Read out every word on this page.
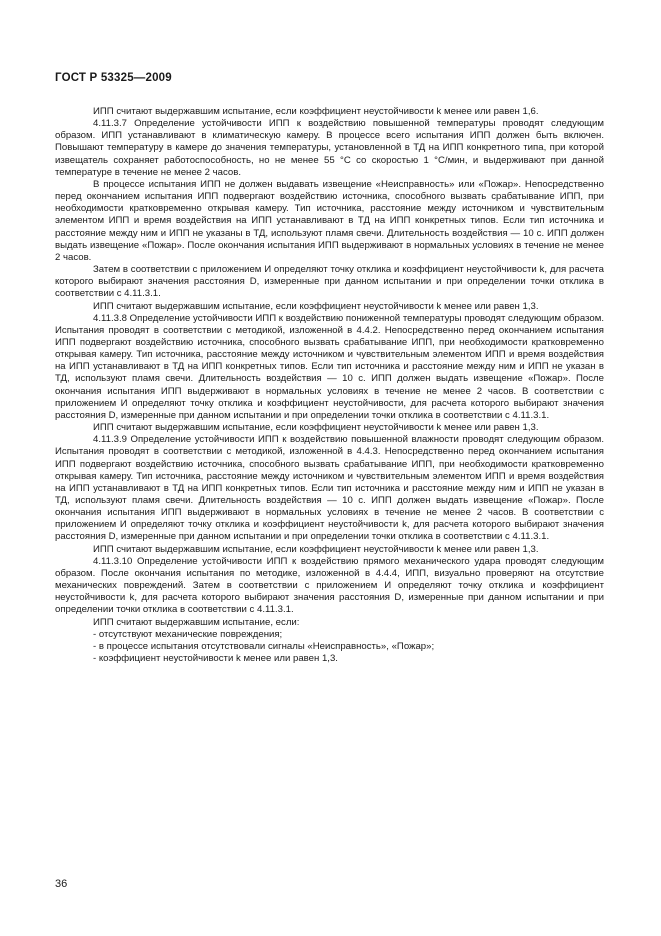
ГОСТ Р 53325—2009

ИПП считают выдержавшим испытание, если коэффициент неустойчивости k менее или равен 1,6.

4.11.3.7 Определение устойчивости ИПП к воздействию повышенной температуры проводят следующим образом. ИПП устанавливают в климатическую камеру. В процессе всего испытания ИПП должен быть включен. Повышают температуру в камере до значения температуры, установленной в ТД на ИПП конкретного типа, при которой извещатель сохраняет работоспособность, но не менее 55 °С со скоростью 1 °С/мин, и выдерживают при данной температуре в течение не менее 2 часов.

В процессе испытания ИПП не должен выдавать извещение «Неисправность» или «Пожар». Непосредственно перед окончанием испытания ИПП подвергают воздействию источника, способного вызвать срабатывание ИПП, при необходимости кратковременно открывая камеру. Тип источника, расстояние между источником и чувствительным элементом ИПП и время воздействия на ИПП устанавливают в ТД на ИПП конкретных типов. Если тип источника и расстояние между ним и ИПП не указаны в ТД, используют пламя свечи. Длительность воздействия — 10 с. ИПП должен выдать извещение «Пожар». После окончания испытания ИПП выдерживают в нормальных условиях в течение не менее 2 часов.

Затем в соответствии с приложением И определяют точку отклика и коэффициент неустойчивости k, для расчета которого выбирают значения расстояния D, измеренные при данном испытании и при определении точки отклика в соответствии с 4.11.3.1.

ИПП считают выдержавшим испытание, если коэффициент неустойчивости k менее или равен 1,3.

4.11.3.8 Определение устойчивости ИПП к воздействию пониженной температуры проводят следующим образом. Испытания проводят в соответствии с методикой, изложенной в 4.4.2. Непосредственно перед окончанием испытания ИПП подвергают воздействию источника, способного вызвать срабатывание ИПП, при необходимости кратковременно открывая камеру. Тип источника, расстояние между источником и чувствительным элементом ИПП и время воздействия на ИПП устанавливают в ТД на ИПП конкретных типов. Если тип источника и расстояние между ним и ИПП не указан в ТД, используют пламя свечи. Длительность воздействия — 10 с. ИПП должен выдать извещение «Пожар». После окончания испытания ИПП выдерживают в нормальных условиях в течение не менее 2 часов. В соответствии с приложением И определяют точку отклика и коэффициент неустойчивости, для расчета которого выбирают значения расстояния D, измеренные при данном испытании и при определении точки отклика в соответствии с 4.11.3.1.

ИПП считают выдержавшим испытание, если коэффициент неустойчивости k менее или равен 1,3.

4.11.3.9 Определение устойчивости ИПП к воздействию повышенной влажности проводят следующим образом. Испытания проводят в соответствии с методикой, изложенной в 4.4.3. Непосредственно перед окончанием испытания ИПП подвергают воздействию источника, способного вызвать срабатывание ИПП, при необходимости кратковременно открывая камеру. Тип источника, расстояние между источником и чувствительным элементом ИПП и время воздействия на ИПП устанавливают в ТД на ИПП конкретных типов. Если тип источника и расстояние между ним и ИПП не указан в ТД, используют пламя свечи. Длительность воздействия — 10 с. ИПП должен выдать извещение «Пожар». После окончания испытания ИПП выдерживают в нормальных условиях в течение не менее 2 часов. В соответствии с приложением И определяют точку отклика и коэффициент неустойчивости k, для расчета которого выбирают значения расстояния D, измеренные при данном испытании и при определении точки отклика в соответствии с 4.11.3.1.

ИПП считают выдержавшим испытание, если коэффициент неустойчивости k менее или равен 1,3.

4.11.3.10 Определение устойчивости ИПП к воздействию прямого механического удара проводят следующим образом. После окончания испытания по методике, изложенной в 4.4.4, ИПП, визуально проверяют на отсутствие механических повреждений. Затем в соответствии с приложением И определяют точку отклика и коэффициент неустойчивости k, для расчета которого выбирают значения расстояния D, измеренные при данном испытании и при определении точки отклика в соответствии с 4.11.3.1.

ИПП считают выдержавшим испытание, если:

- отсутствуют механические повреждения;

- в процессе испытания отсутствовали сигналы «Неисправность», «Пожар»;

- коэффициент неустойчивости k менее или равен 1,3.

36
